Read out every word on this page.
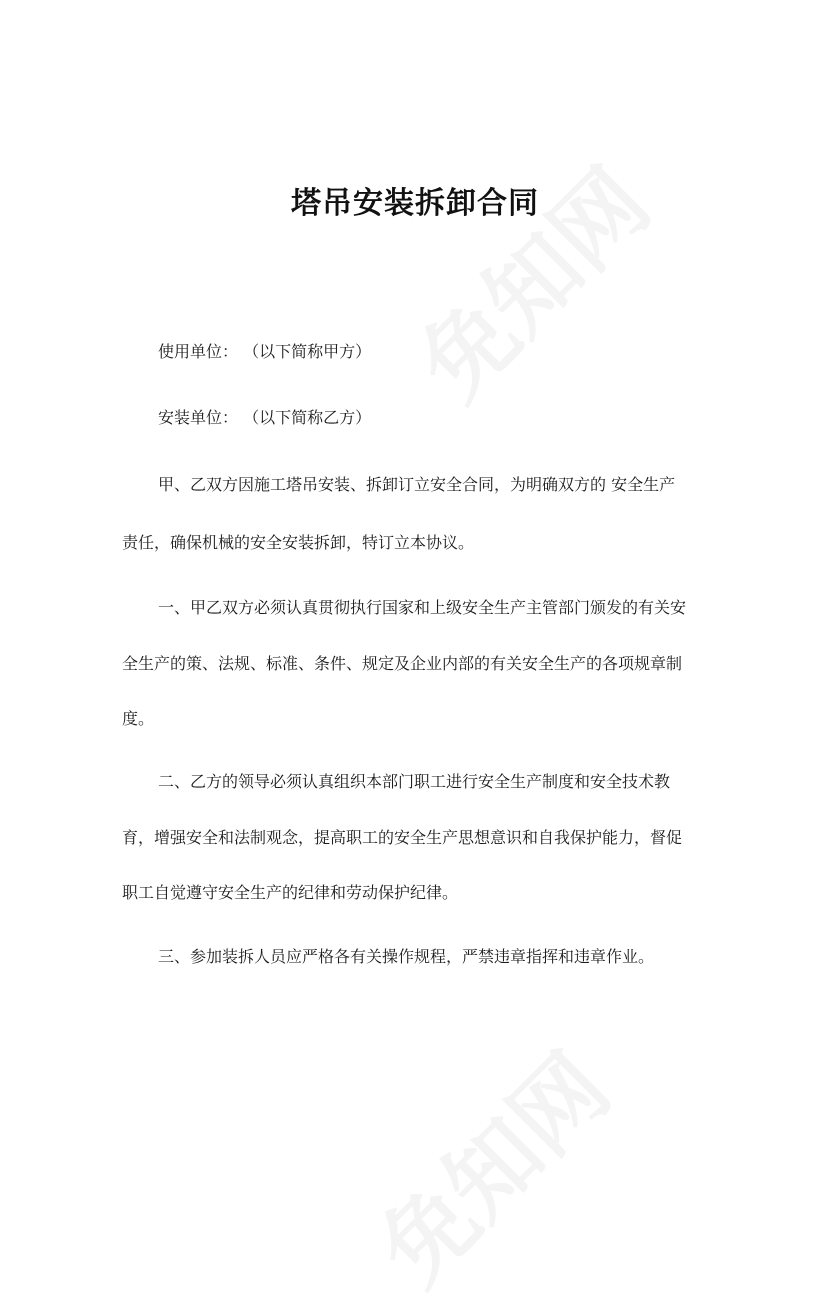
塔吊安装拆卸合同
使用单位： （以下简称甲方）
安装单位： （以下简称乙方）
甲、乙双方因施工塔吊安装、拆卸订立安全合同，为明确双方的 安全生产
责任，确保机械的安全安装拆卸，特订立本协议。
一、甲乙双方必须认真贯彻执行国家和上级安全生产主管部门颁发的有关安
全生产的策、法规、标准、条件、规定及企业内部的有关安全生产的各项规章制
度。
二、乙方的领导必须认真组织本部门职工进行安全生产制度和安全技术教
育，增强安全和法制观念，提高职工的安全生产思想意识和自我保护能力，督促
职工自觉遵守安全生产的纪律和劳动保护纪律。
三、参加装拆人员应严格各有关操作规程，严禁违章指挥和违章作业。
